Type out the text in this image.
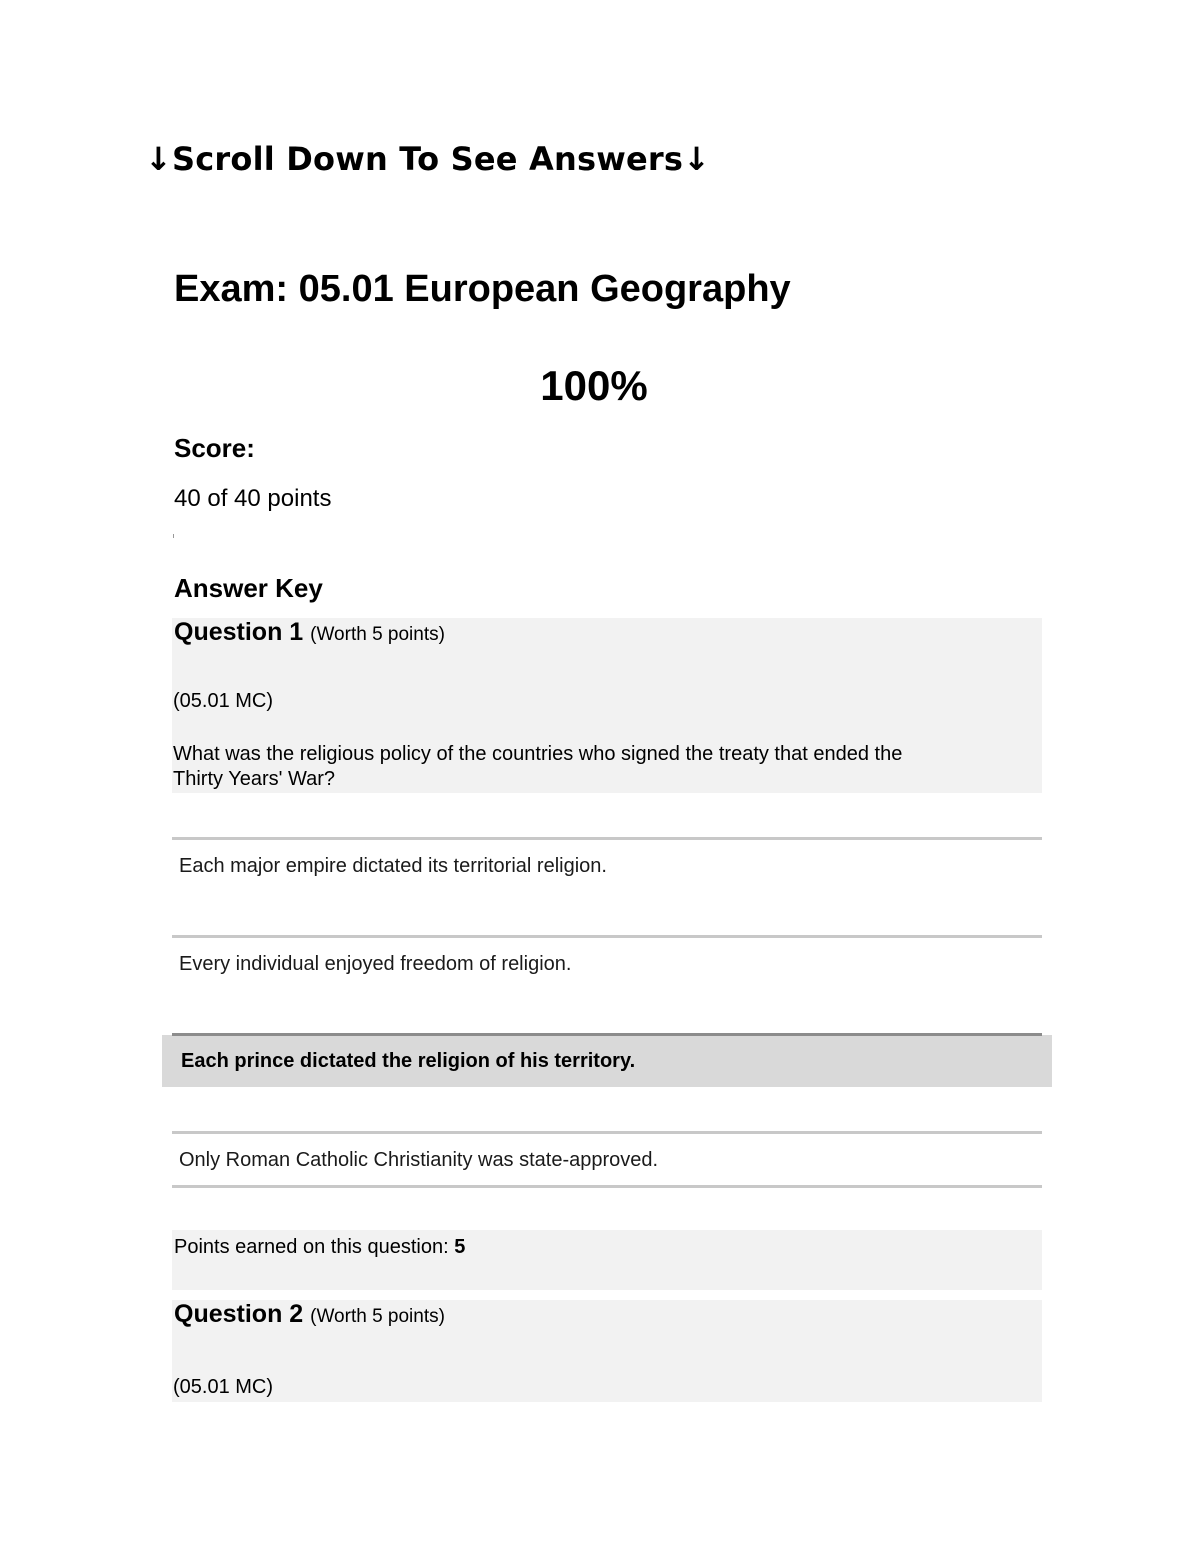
↓Scroll Down To See Answers↓
Exam: 05.01 European Geography
100%
Score:
40 of 40 points
Answer Key
Question 1 (Worth 5 points)
(05.01 MC)
What was the religious policy of the countries who signed the treaty that ended the
Thirty Years' War?
Each major empire dictated its territorial religion.
Every individual enjoyed freedom of religion.
Each prince dictated the religion of his territory.
Only Roman Catholic Christianity was state-approved.
Points earned on this question: 5
Question 2 (Worth 5 points)
(05.01 MC)
